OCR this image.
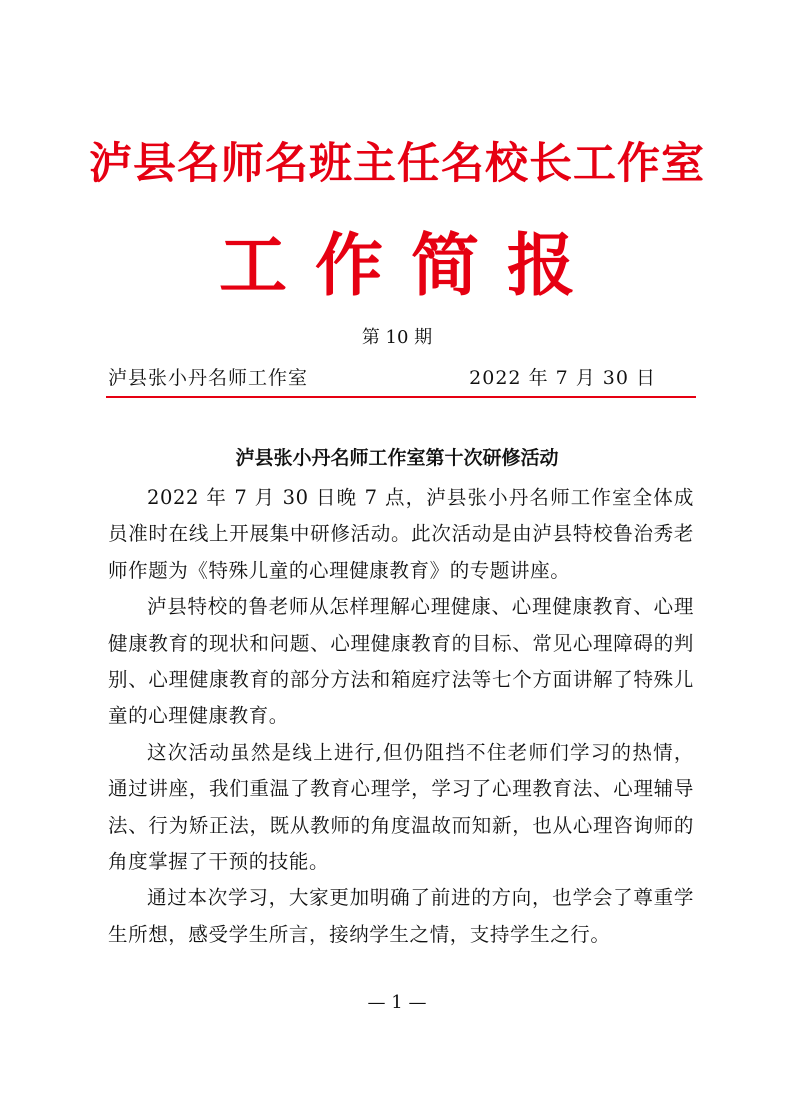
泸县名师名班主任名校长工作室
工作简报
第 10 期
泸县张小丹名师工作室	2022 年 7 月 30 日
泸县张小丹名师工作室第十次研修活动

2022 年 7 月 30 日晚 7 点，泸县张小丹名师工作室全体成员准时在线上开展集中研修活动。此次活动是由泸县特校鲁治秀老师作题为《特殊儿童的心理健康教育》的专题讲座。

泸县特校的鲁老师从怎样理解心理健康、心理健康教育、心理健康教育的现状和问题、心理健康教育的目标、常见心理障碍的判别、心理健康教育的部分方法和箱庭疗法等七个方面讲解了特殊儿童的心理健康教育。

这次活动虽然是线上进行,但仍阻挡不住老师们学习的热情，通过讲座，我们重温了教育心理学，学习了心理教育法、心理辅导法、行为矫正法，既从教师的角度温故而知新，也从心理咨询师的角度掌握了干预的技能。

通过本次学习，大家更加明确了前进的方向，也学会了尊重学生所想，感受学生所言，接纳学生之情，支持学生之行。

— 1 —
